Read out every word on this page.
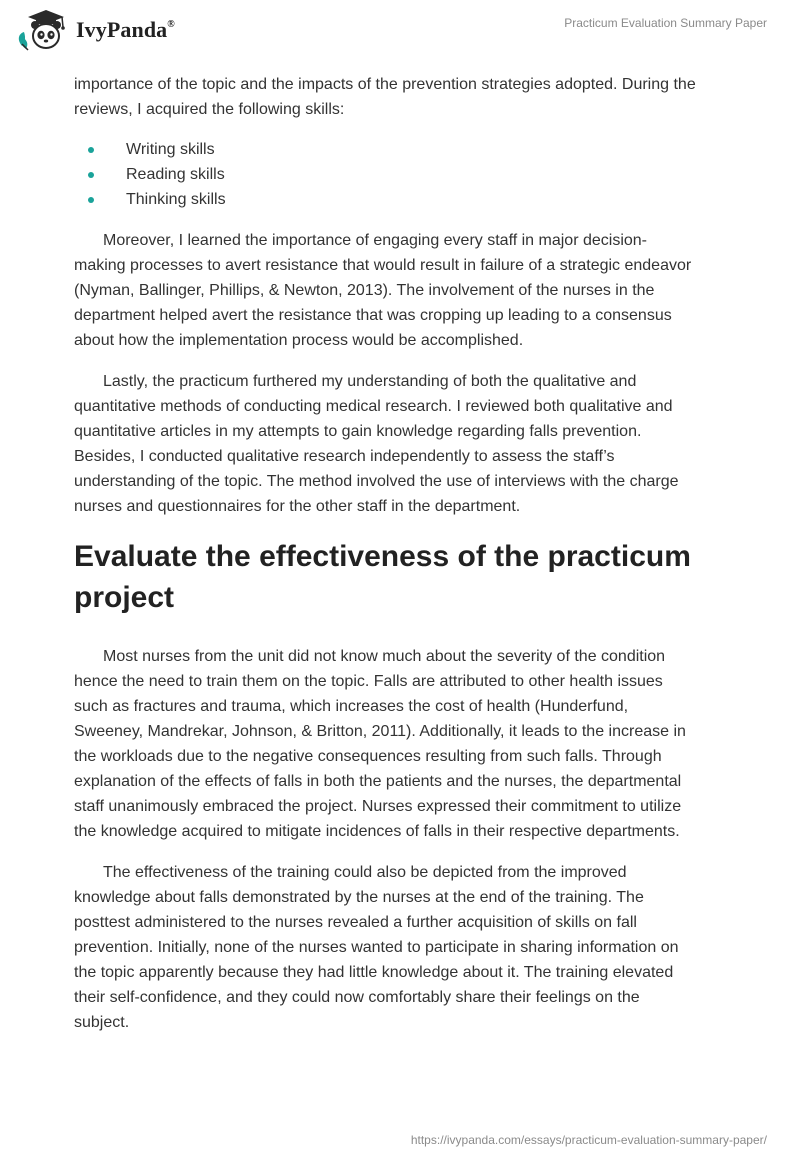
IvyPanda®	Practicum Evaluation Summary Paper

importance of the topic and the impacts of the prevention strategies adopted. During the

reviews, I acquired the following skills:

Writing skills
Reading skills
Thinking skills

Moreover, I learned the importance of engaging every staff in major decision-

making processes to avert resistance that would result in failure of a strategic endeavor

(Nyman, Ballinger, Phillips, & Newton, 2013). The involvement of the nurses in the

department helped avert the resistance that was cropping up leading to a consensus

about how the implementation process would be accomplished.

Lastly, the practicum furthered my understanding of both the qualitative and

quantitative methods of conducting medical research. I reviewed both qualitative and

quantitative articles in my attempts to gain knowledge regarding falls prevention.

Besides, I conducted qualitative research independently to assess the staff’s

understanding of the topic. The method involved the use of interviews with the charge

nurses and questionnaires for the other staff in the department.

Evaluate the effectiveness of the practicum
project

Most nurses from the unit did not know much about the severity of the condition

hence the need to train them on the topic. Falls are attributed to other health issues

such as fractures and trauma, which increases the cost of health (Hunderfund,

Sweeney, Mandrekar, Johnson, & Britton, 2011). Additionally, it leads to the increase in

the workloads due to the negative consequences resulting from such falls. Through

explanation of the effects of falls in both the patients and the nurses, the departmental

staff unanimously embraced the project. Nurses expressed their commitment to utilize

the knowledge acquired to mitigate incidences of falls in their respective departments.

The effectiveness of the training could also be depicted from the improved

knowledge about falls demonstrated by the nurses at the end of the training. The

posttest administered to the nurses revealed a further acquisition of skills on fall

prevention. Initially, none of the nurses wanted to participate in sharing information on

the topic apparently because they had little knowledge about it. The training elevated

their self-confidence, and they could now comfortably share their feelings on the

subject.

https://ivypanda.com/essays/practicum-evaluation-summary-paper/
